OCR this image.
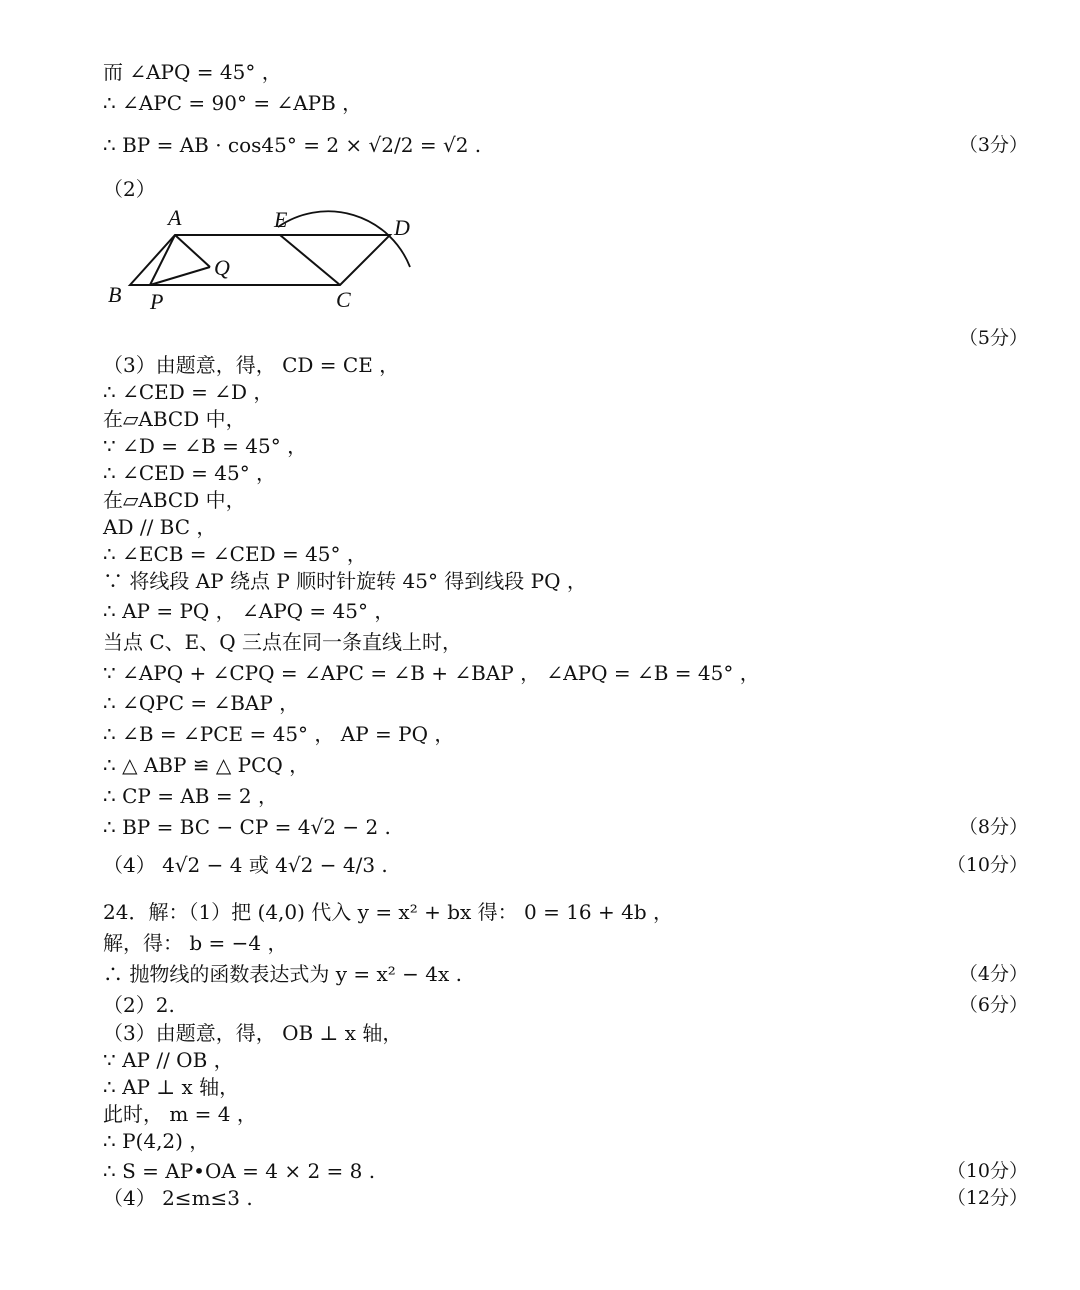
而 ∠APQ = 45° ，
∴ ∠APC = 90° = ∠APB ，
∴ BP = AB · cos45° = 2 × √2/2 = √2 .
（2）
（3）由题意，得， CD = CE ，
∴ ∠CED = ∠D ，
在▱ABCD 中，
∵ ∠D = ∠B = 45° ，
∴ ∠CED = 45° ，
在▱ABCD 中，
AD // BC ，
∴ ∠ECB = ∠CED = 45° ，
∵ 将线段 AP 绕点 P 顺时针旋转 45° 得到线段 PQ ，
∴ AP = PQ ， ∠APQ = 45° ，
当点 C、E、Q 三点在同一条直线上时，
∵ ∠APQ + ∠CPQ = ∠APC = ∠B + ∠BAP ， ∠APQ = ∠B = 45° ，
∴ ∠QPC = ∠BAP ，
∴ ∠B = ∠PCE = 45° ， AP = PQ ，
∴ △ ABP ≌ △ PCQ ，
∴ CP = AB = 2 ，
∴ BP = BC − CP = 4√2 − 2 .
（4） 4√2 − 4 或 4√2 − 4/3 .
24．解：（1）把 (4,0) 代入 y = x² + bx 得： 0 = 16 + 4b ，
解，得： b = −4 ，
∴ 抛物线的函数表达式为 y = x² − 4x .
（2）2.
（3）由题意，得， OB ⊥ x 轴，
∵ AP // OB ，
∴ AP ⊥ x 轴，
此时， m = 4 ，
∴ P(4,2) ，
∴ S = AP•OA = 4 × 2 = 8 .
（4） 2≤m≤3 .
（3分）
（5分）
（8分）
（10分）
（4分）
（6分）
（10分）
（12分）
A	E	D
Q
B P	C
